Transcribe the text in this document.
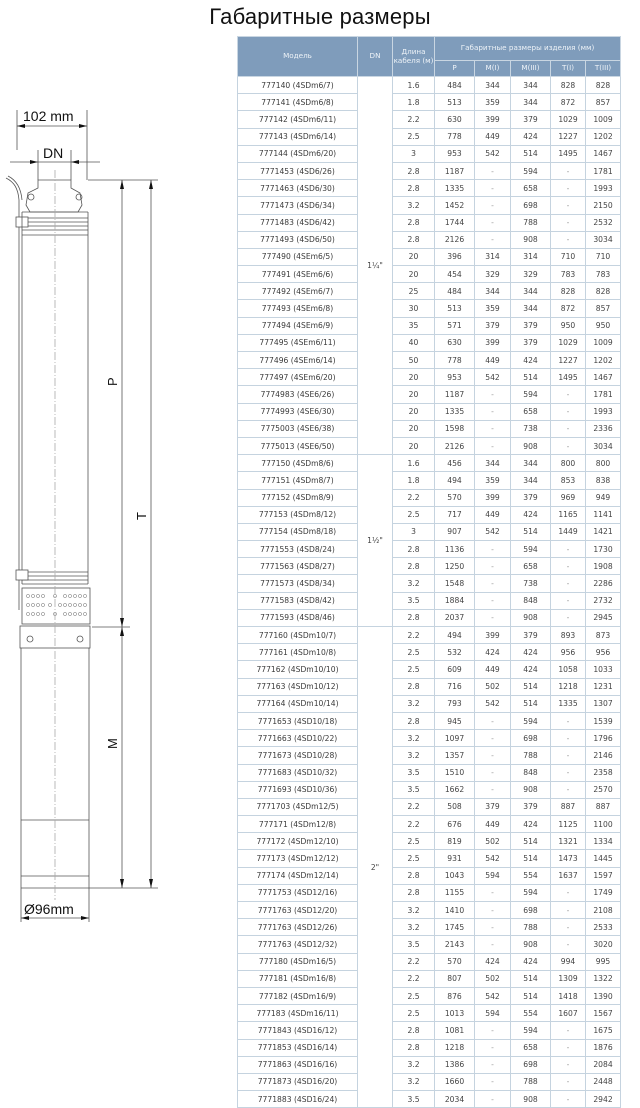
Габаритные размеры
102 mm
DN
P
T
M
Ø96mm
Модель	DN	Длина кабеля (м)	Габаритные размеры изделия (мм)				
			P	M(I)	M(III)	T(I)	T(III)
777140 (4SDm6/7)	1¼"	1.6	484	344	344	828	828
777141 (4SDm6/8)		1.8	513	359	344	872	857
777142 (4SDm6/11)		2.2	630	399	379	1029	1009
777143 (4SDm6/14)		2.5	778	449	424	1227	1202
777144 (4SDm6/20)		3	953	542	514	1495	1467
7771453 (4SD6/26)		2.8	1187	-	594	-	1781
7771463 (4SD6/30)		2.8	1335	-	658	-	1993
7771473 (4SD6/34)		3.2	1452	-	698	-	2150
7771483 (4SD6/42)		2.8	1744	-	788	-	2532
7771493 (4SD6/50)		2.8	2126	-	908	-	3034
777490 (4SEm6/5)		20	396	314	314	710	710
777491 (4SEm6/6)		20	454	329	329	783	783
777492 (4SEm6/7)		25	484	344	344	828	828
777493 (4SEm6/8)		30	513	359	344	872	857
777494 (4SEm6/9)		35	571	379	379	950	950
777495 (4SEm6/11)		40	630	399	379	1029	1009
777496 (4SEm6/14)		50	778	449	424	1227	1202
777497 (4SEm6/20)		20	953	542	514	1495	1467
7774983 (4SE6/26)		20	1187	-	594	-	1781
7774993 (4SE6/30)		20	1335	-	658	-	1993
7775003 (4SE6/38)		20	1598	-	738	-	2336
7775013 (4SE6/50)		20	2126	-	908	-	3034
777150 (4SDm8/6)	1½"	1.6	456	344	344	800	800
777151 (4SDm8/7)		1.8	494	359	344	853	838
777152 (4SDm8/9)		2.2	570	399	379	969	949
777153 (4SDm8/12)		2.5	717	449	424	1165	1141
777154 (4SDm8/18)		3	907	542	514	1449	1421
7771553 (4SD8/24)		2.8	1136	-	594	-	1730
7771563 (4SD8/27)		2.8	1250	-	658	-	1908
7771573 (4SD8/34)		3.2	1548	-	738	-	2286
7771583 (4SD8/42)		3.5	1884	-	848	-	2732
7771593 (4SD8/46)		2.8	2037	-	908	-	2945
777160 (4SDm10/7)	2"	2.2	494	399	379	893	873
777161 (4SDm10/8)		2.5	532	424	424	956	956
777162 (4SDm10/10)		2.5	609	449	424	1058	1033
777163 (4SDm10/12)		2.8	716	502	514	1218	1231
777164 (4SDm10/14)		3.2	793	542	514	1335	1307
7771653 (4SD10/18)		2.8	945	-	594	-	1539
7771663 (4SD10/22)		3.2	1097	-	698	-	1796
7771673 (4SD10/28)		3.2	1357	-	788	-	2146
7771683 (4SD10/32)		3.5	1510	-	848	-	2358
7771693 (4SD10/36)		3.5	1662	-	908	-	2570
7771703 (4SDm12/5)		2.2	508	379	379	887	887
777171 (4SDm12/8)		2.2	676	449	424	1125	1100
777172 (4SDm12/10)		2.5	819	502	514	1321	1334
777173 (4SDm12/12)		2.5	931	542	514	1473	1445
777174 (4SDm12/14)		2.8	1043	594	554	1637	1597
7771753 (4SD12/16)		2.8	1155	-	594	-	1749
7771763 (4SD12/20)		3.2	1410	-	698	-	2108
7771763 (4SD12/26)		3.2	1745	-	788	-	2533
7771763 (4SD12/32)		3.5	2143	-	908	-	3020
777180 (4SDm16/5)		2.2	570	424	424	994	995
777181 (4SDm16/8)		2.2	807	502	514	1309	1322
777182 (4SDm16/9)		2.5	876	542	514	1418	1390
777183 (4SDm16/11)		2.5	1013	594	554	1607	1567
7771843 (4SD16/12)		2.8	1081	-	594	-	1675
7771853 (4SD16/14)		2.8	1218	-	658	-	1876
7771863 (4SD16/16)		3.2	1386	-	698	-	2084
7771873 (4SD16/20)		3.2	1660	-	788	-	2448
7771883 (4SD16/24)		3.5	2034	-	908	-	2942
